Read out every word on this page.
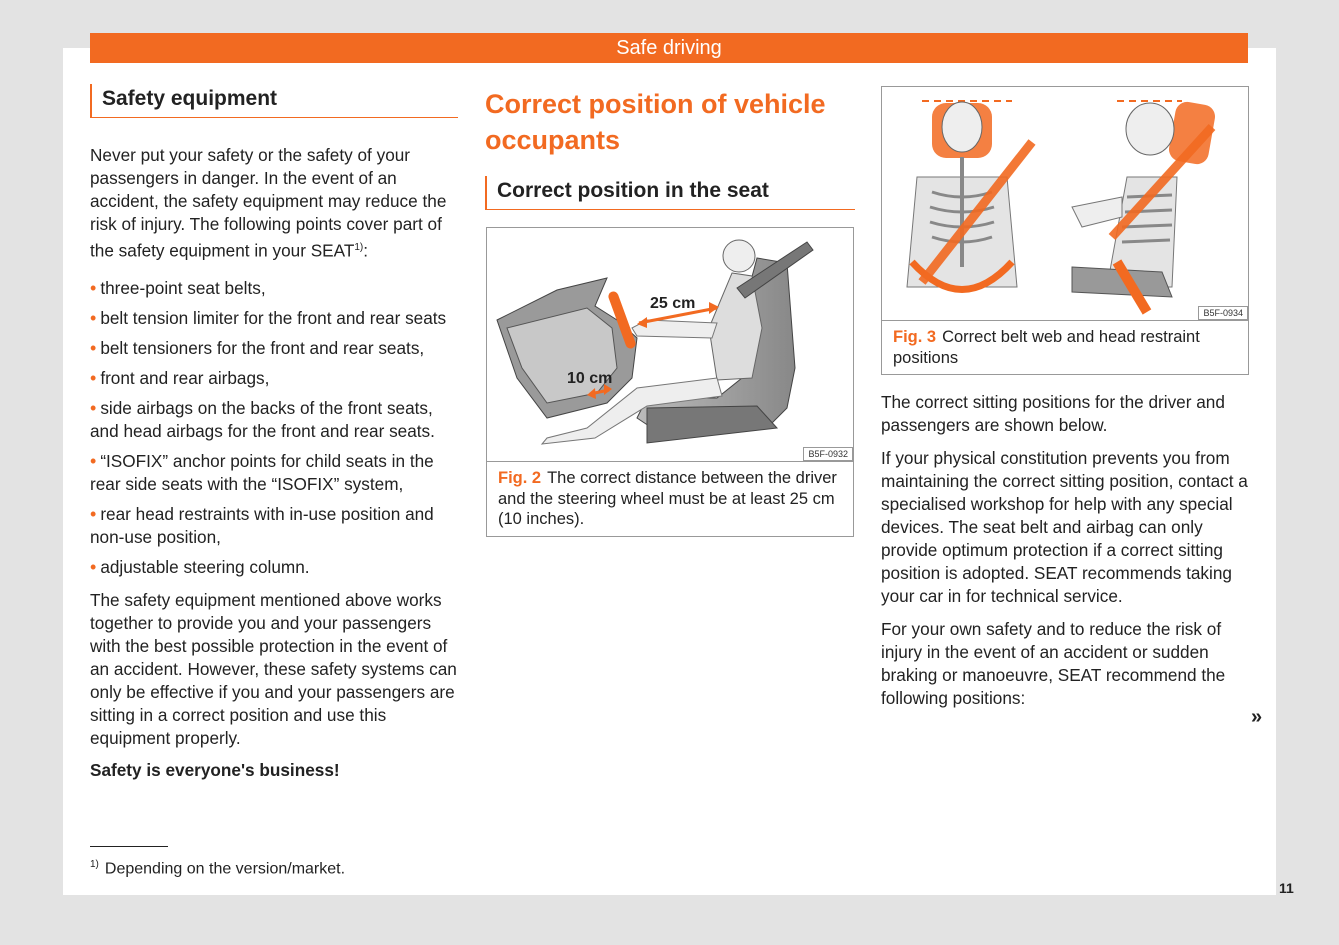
Safe driving
Safety equipment

Never put your safety or the safety of your passengers in danger. In the event of an accident, the safety equipment may reduce the risk of injury. The following points cover part of the safety equipment in your SEAT$^{1)}$:

• three-point seat belts,
• belt tension limiter for the front and rear seats
• belt tensioners for the front and rear seats,
• front and rear airbags,
• side airbags on the backs of the front seats, and head airbags for the front and rear seats.
• “ISOFIX” anchor points for child seats in the rear side seats with the “ISOFIX” system,
• rear head restraints with in-use position and non-use position,
• adjustable steering column.

The safety equipment mentioned above works together to provide you and your passengers with the best possible protection in the event of an accident. However, these safety systems can only be effective if you and your passengers are sitting in a correct position and use this equipment properly.

Safety is everyone's business!

Correct position of vehicle occupants
Correct position in the seat
25 cm
10 cm
B5F-0932
Fig. 2 The correct distance between the driver and the steering wheel must be at least 25 cm (10 inches).
B5F-0934
Fig. 3 Correct belt web and head restraint positions

The correct sitting positions for the driver and passengers are shown below.

If your physical constitution prevents you from maintaining the correct sitting position, contact a specialised workshop for help with any special devices. The seat belt and airbag can only provide optimum protection if a correct sitting position is adopted. SEAT recommends taking your car in for technical service.

For your own safety and to reduce the risk of injury in the event of an accident or sudden braking or manoeuvre, SEAT recommend the following positions:

»
$^{1)}$ Depending on the version/market.
11
